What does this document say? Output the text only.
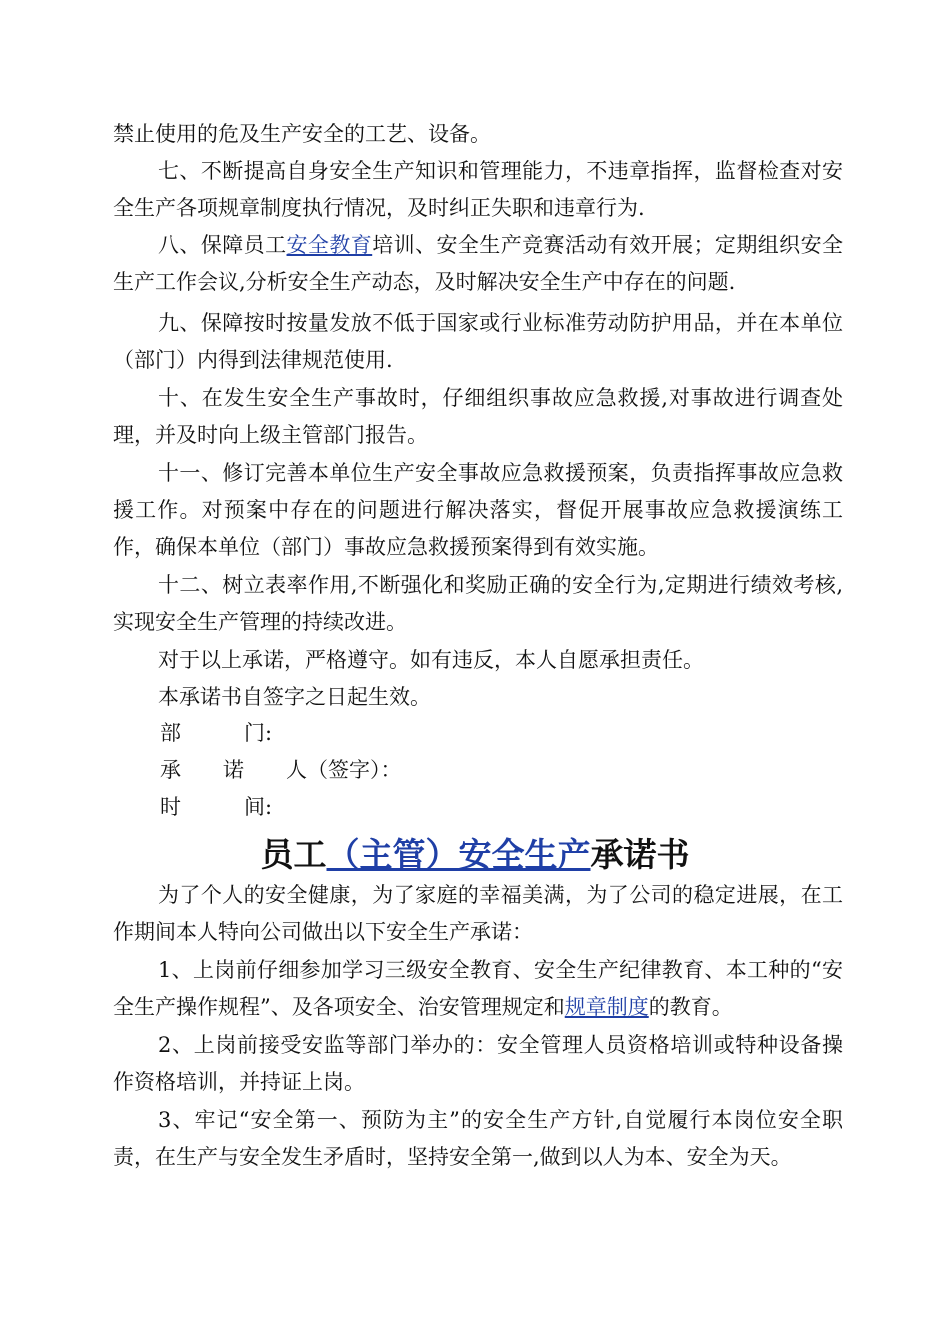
禁止使用的危及生产安全的工艺、设备。

七、不断提高自身安全生产知识和管理能力，不违章指挥，监督检查对安全生产各项规章制度执行情况，及时纠正失职和违章行为.

八、保障员工安全教育培训、安全生产竞赛活动有效开展；定期组织安全生产工作会议,分析安全生产动态，及时解决安全生产中存在的问题.

九、保障按时按量发放不低于国家或行业标准劳动防护用品，并在本单位（部门）内得到法律规范使用.

十、在发生安全生产事故时，仔细组织事故应急救援,对事故进行调查处理，并及时向上级主管部门报告。

十一、修订完善本单位生产安全事故应急救援预案，负责指挥事故应急救援工作。对预案中存在的问题进行解决落实，督促开展事故应急救援演练工作，确保本单位（部门）事故应急救援预案得到有效实施。

十二、树立表率作用,不断强化和奖励正确的安全行为,定期进行绩效考核,实现安全生产管理的持续改进。

对于以上承诺，严格遵守。如有违反，本人自愿承担责任。

本承诺书自签字之日起生效。

部　　　门:

承　　诺　　人（签字）：

时　　　间:

员工（主管）安全生产承诺书

为了个人的安全健康，为了家庭的幸福美满，为了公司的稳定进展，在工作期间本人特向公司做出以下安全生产承诺：

1、上岗前仔细参加学习三级安全教育、安全生产纪律教育、本工种的“安全生产操作规程”、及各项安全、治安管理规定和规章制度的教育。

2、上岗前接受安监等部门举办的：安全管理人员资格培训或特种设备操作资格培训，并持证上岗。

3、牢记“安全第一、预防为主”的安全生产方针,自觉履行本岗位安全职责，在生产与安全发生矛盾时，坚持安全第一,做到以人为本、安全为天。
